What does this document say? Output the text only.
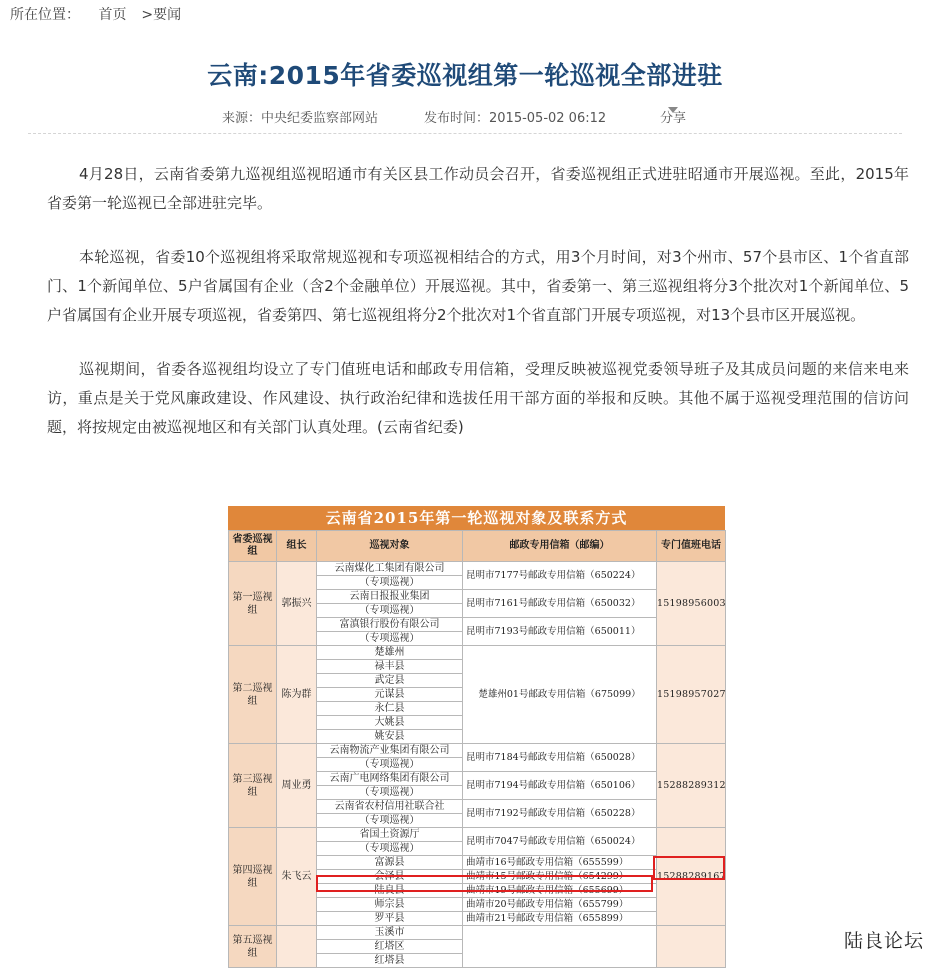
所在位置： 首页 >要闻
云南:2015年省委巡视组第一轮巡视全部进驻
来源：中央纪委监察部网站	发布时间：2015-05-02 06:12	分享

4月28日，云南省委第九巡视组巡视昭通市有关区县工作动员会召开，省委巡视组正式进驻昭通市开展巡视。至此，2015年省委第一轮巡视已全部进驻完毕。

本轮巡视，省委10个巡视组将采取常规巡视和专项巡视相结合的方式，用3个月时间，对3个州市、57个县市区、1个省直部门、1个新闻单位、5户省属国有企业（含2个金融单位）开展巡视。其中，省委第一、第三巡视组将分3个批次对1个新闻单位、5户省属国有企业开展专项巡视，省委第四、第七巡视组将分2个批次对1个省直部门开展专项巡视，对13个县市区开展巡视。

巡视期间，省委各巡视组均设立了专门值班电话和邮政专用信箱，受理反映被巡视党委领导班子及其成员问题的来信来电来访，重点是关于党风廉政建设、作风建设、执行政治纪律和选拔任用干部方面的举报和反映。其他不属于巡视受理范围的信访问题，将按规定由被巡视地区和有关部门认真处理。(云南省纪委)

云南省2015年第一轮巡视对象及联系方式
省委巡视组	组长	巡视对象	邮政专用信箱（邮编）	专门值班电话
第一巡视组	郭振兴	云南煤化工集团有限公司	昆明市7177号邮政专用信箱（650224）	15198956003
		（专项巡视）		
		云南日报报业集团	昆明市7161号邮政专用信箱（650032）	
		（专项巡视）		
		富滇银行股份有限公司	昆明市7193号邮政专用信箱（650011）	
		（专项巡视）		
第二巡视组	陈为群	楚雄州	楚雄州01号邮政专用信箱（675099）	15198957027
		禄丰县		
		武定县		
		元谋县		
		永仁县		
		大姚县		
		姚安县		
第三巡视组	周业勇	云南物流产业集团有限公司	昆明市7184号邮政专用信箱（650028）	15288289312
		（专项巡视）		
		云南广电网络集团有限公司	昆明市7194号邮政专用信箱（650106）	
		（专项巡视）		
		云南省农村信用社联合社	昆明市7192号邮政专用信箱（650228）	
		（专项巡视）		
第四巡视组	朱飞云	省国土资源厅	昆明市7047号邮政专用信箱（650024）	15288289167
		（专项巡视）		
		富源县	曲靖市16号邮政专用信箱（655599）	
		会泽县	曲靖市15号邮政专用信箱（654299）	
		陆良县	曲靖市19号邮政专用信箱（655699）	
		师宗县	曲靖市20号邮政专用信箱（655799）	
		罗平县	曲靖市21号邮政专用信箱（655899）	
第五巡视组		玉溪市		
		红塔区		
		红塔县		
陆良论坛
